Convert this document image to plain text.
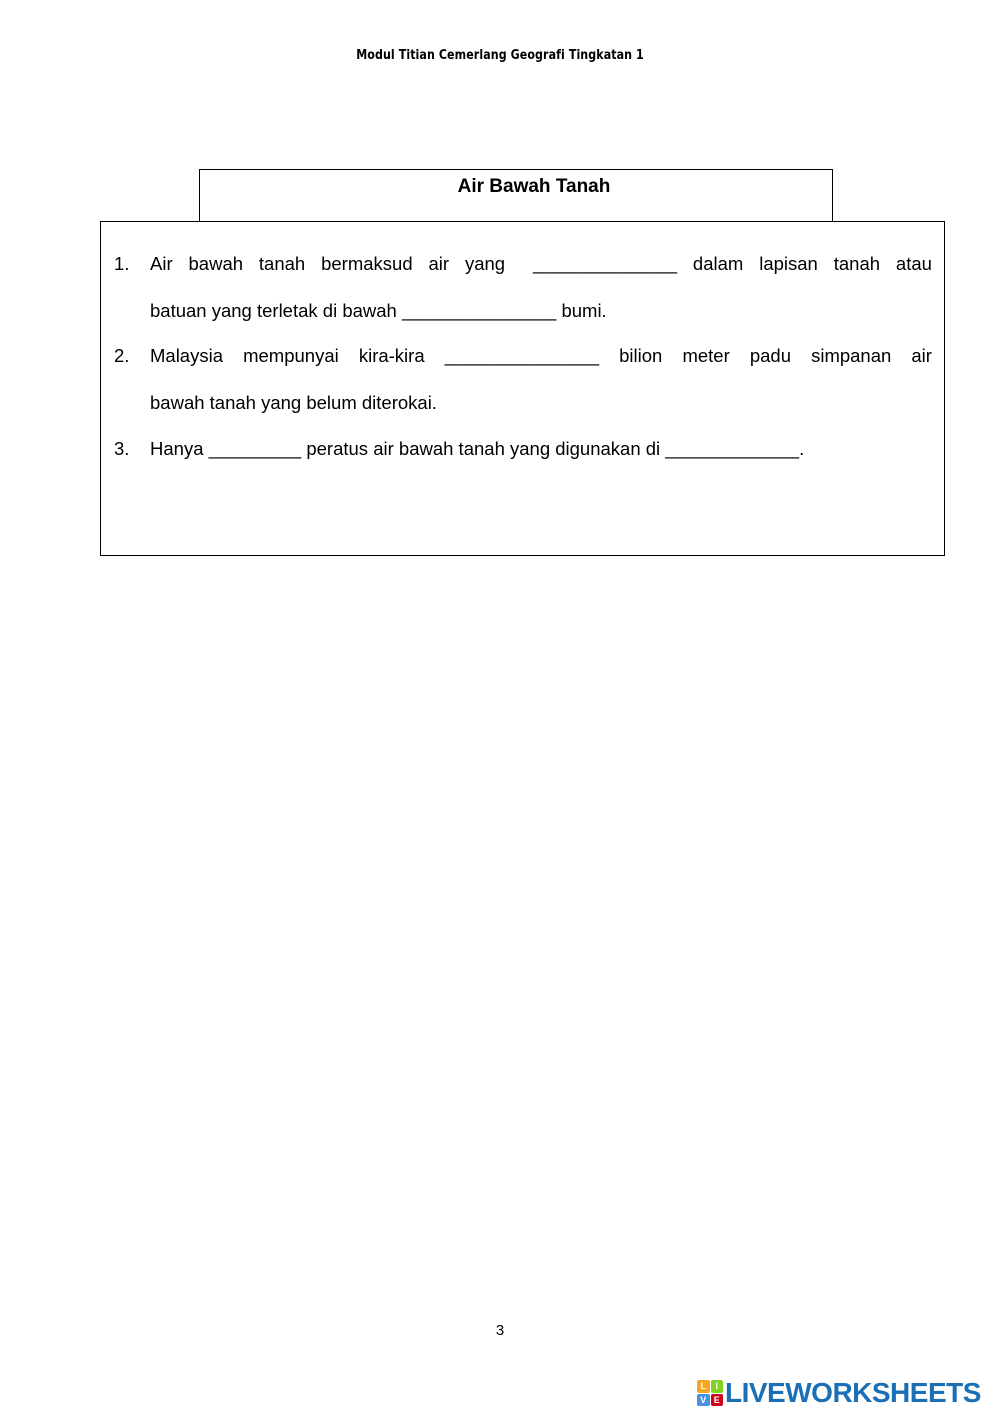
Modul Titian Cemerlang Geografi Tingkatan 1
Air Bawah Tanah
1. Air bawah tanah bermaksud air yang ______________ dalam lapisan tanah atau
batuan yang terletak di bawah _______________ bumi.
2. Malaysia mempunyai kira-kira _______________ bilion meter padu simpanan air
bawah tanah yang belum diterokai.
3. Hanya _________ peratus air bawah tanah yang digunakan di _____________.
3
L	I
V E LIVEWORKSHEETS
